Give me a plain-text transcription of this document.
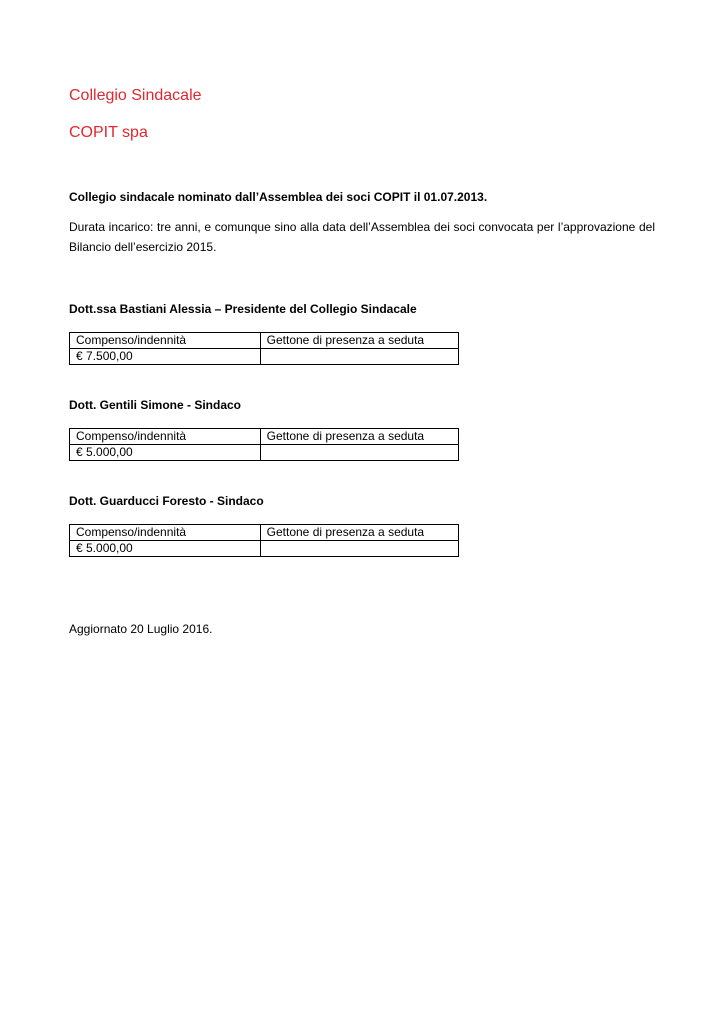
Collegio Sindacale
COPIT spa

Collegio sindacale nominato dall’Assemblea dei soci COPIT il 01.07.2013.

Durata incarico: tre anni, e comunque sino alla data dell’Assemblea dei soci convocata per l’approvazione del Bilancio dell’esercizio 2015.

Dott.ssa Bastiani Alessia – Presidente del Collegio Sindacale

Compenso/indennità	Gettone di presenza a seduta
€ 7.500,00	

Dott. Gentili Simone - Sindaco

Compenso/indennità	Gettone di presenza a seduta
€ 5.000,00	

Dott. Guarducci Foresto - Sindaco

Compenso/indennità	Gettone di presenza a seduta
€ 5.000,00	

Aggiornato 20 Luglio 2016.
